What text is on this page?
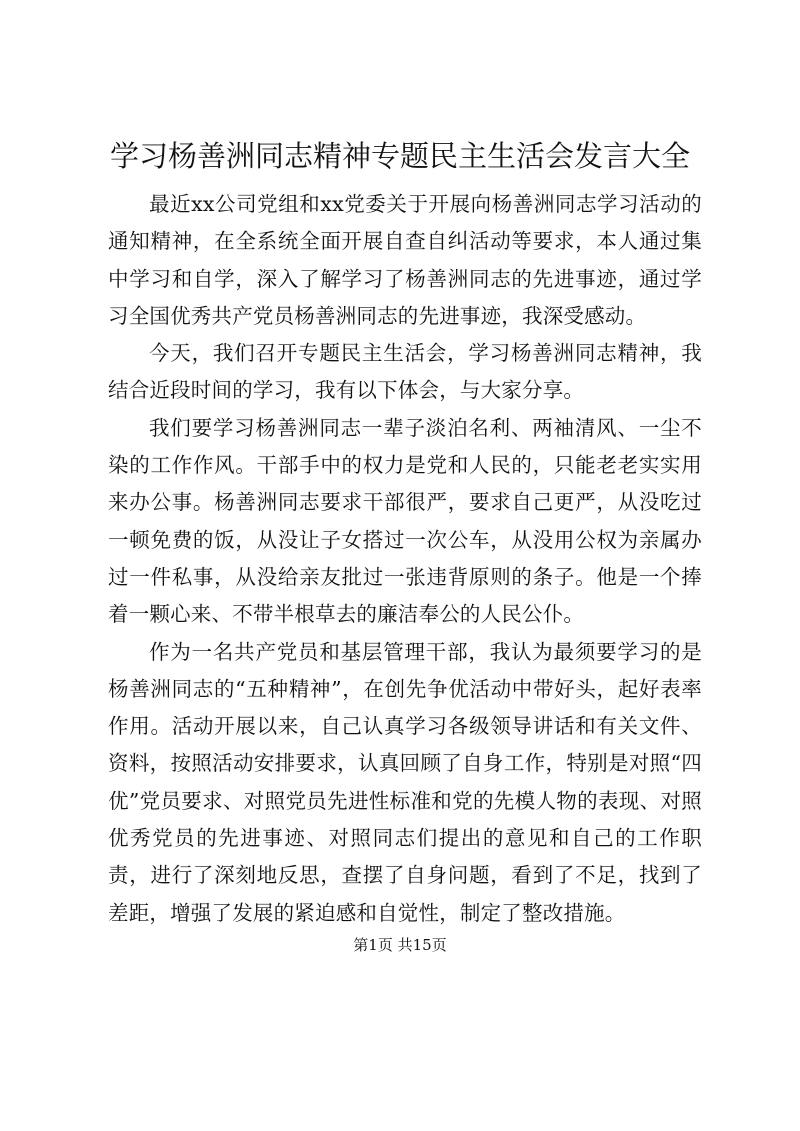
学习杨善洲同志精神专题民主生活会发言大全

最近xx公司党组和xx党委关于开展向杨善洲同志学习活动的通知精神，在全系统全面开展自查自纠活动等要求，本人通过集中学习和自学，深入了解学习了杨善洲同志的先进事迹，通过学习全国优秀共产党员杨善洲同志的先进事迹，我深受感动。

今天，我们召开专题民主生活会，学习杨善洲同志精神，我结合近段时间的学习，我有以下体会，与大家分享。

我们要学习杨善洲同志一辈子淡泊名利、两袖清风、一尘不染的工作作风。干部手中的权力是党和人民的，只能老老实实用来办公事。杨善洲同志要求干部很严，要求自己更严，从没吃过一顿免费的饭，从没让子女搭过一次公车，从没用公权为亲属办过一件私事，从没给亲友批过一张违背原则的条子。他是一个捧着一颗心来、不带半根草去的廉洁奉公的人民公仆。

作为一名共产党员和基层管理干部，我认为最须要学习的是杨善洲同志的“五种精神”，在创先争优活动中带好头，起好表率作用。活动开展以来，自己认真学习各级领导讲话和有关文件、资料，按照活动安排要求，认真回顾了自身工作，特别是对照“四优”党员要求、对照党员先进性标准和党的先模人物的表现、对照优秀党员的先进事迹、对照同志们提出的意见和自己的工作职责，进行了深刻地反思，查摆了自身问题，看到了不足，找到了差距，增强了发展的紧迫感和自觉性，制定了整改措施。

第1页 共15页
